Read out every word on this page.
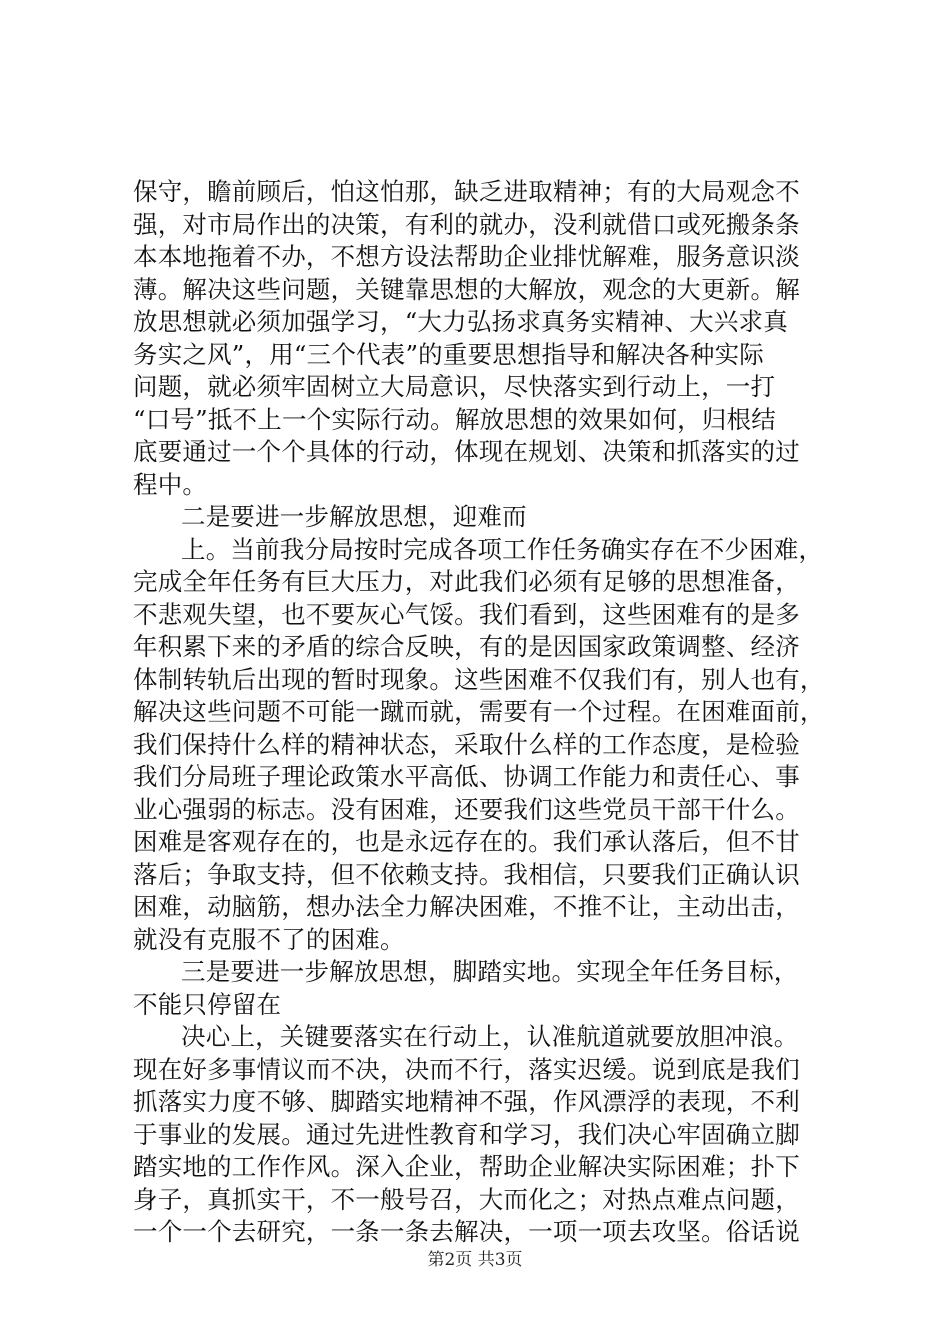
保守，瞻前顾后，怕这怕那，缺乏进取精神；有的大局观念不
强，对市局作出的决策，有利的就办，没利就借口或死搬条条
本本地拖着不办，不想方设法帮助企业排忧解难，服务意识淡
薄。解决这些问题，关键靠思想的大解放，观念的大更新。解
放思想就必须加强学习，“大力弘扬求真务实精神、大兴求真
务实之风”，用“三个代表”的重要思想指导和解决各种实际
问题，就必须牢固树立大局意识，尽快落实到行动上，一打
“口号”抵不上一个实际行动。解放思想的效果如何，归根结
底要通过一个个具体的行动，体现在规划、决策和抓落实的过
程中。
二是要进一步解放思想，迎难而
上。当前我分局按时完成各项工作任务确实存在不少困难，
完成全年任务有巨大压力，对此我们必须有足够的思想准备，
不悲观失望，也不要灰心气馁。我们看到，这些困难有的是多
年积累下来的矛盾的综合反映，有的是因国家政策调整、经济
体制转轨后出现的暂时现象。这些困难不仅我们有，别人也有，
解决这些问题不可能一蹴而就，需要有一个过程。在困难面前，
我们保持什么样的精神状态，采取什么样的工作态度，是检验
我们分局班子理论政策水平高低、协调工作能力和责任心、事
业心强弱的标志。没有困难，还要我们这些党员干部干什么。
困难是客观存在的，也是永远存在的。我们承认落后，但不甘
落后；争取支持，但不依赖支持。我相信，只要我们正确认识
困难，动脑筋，想办法全力解决困难，不推不让，主动出击，
就没有克服不了的困难。
三是要进一步解放思想，脚踏实地。实现全年任务目标，
不能只停留在
决心上，关键要落实在行动上，认准航道就要放胆冲浪。
现在好多事情议而不决，决而不行，落实迟缓。说到底是我们
抓落实力度不够、脚踏实地精神不强，作风漂浮的表现，不利
于事业的发展。通过先进性教育和学习，我们决心牢固确立脚
踏实地的工作作风。深入企业，帮助企业解决实际困难；扑下
身子，真抓实干，不一般号召，大而化之；对热点难点问题，
一个一个去研究，一条一条去解决，一项一项去攻坚。俗话说
第2页 共3页
